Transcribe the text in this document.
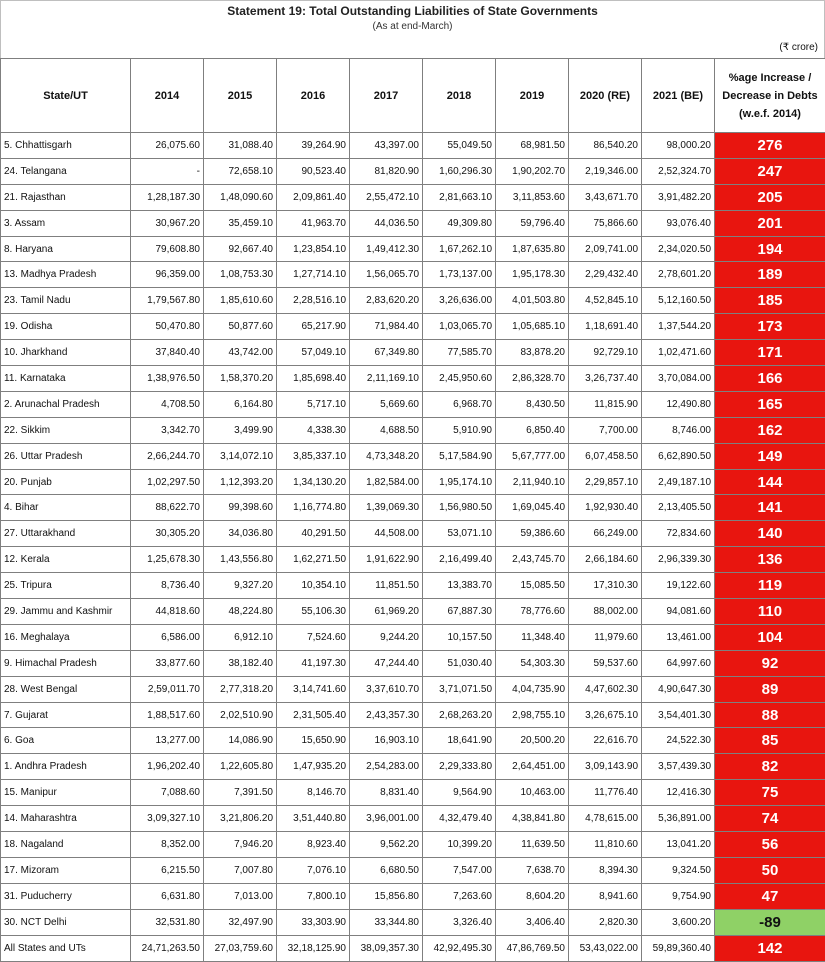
Statement 19: Total Outstanding Liabilities of State Governments
(As at end-March)
(₹ crore)
State/UT	2014	2015	2016	2017	2018	2019	2020 (RE)	2021 (BE)	%age Increase /
Decrease in Debts
(w.e.f. 2014)

5. Chhattisgarh	26,075.60	31,088.40	39,264.90	43,397.00	55,049.50	68,981.50	86,540.20	98,000.20	276
24. Telangana	-	72,658.10	90,523.40	81,820.90	1,60,296.30	1,90,202.70	2,19,346.00	2,52,324.70	247
21. Rajasthan	1,28,187.30	1,48,090.60	2,09,861.40	2,55,472.10	2,81,663.10	3,11,853.60	3,43,671.70	3,91,482.20	205
3. Assam	30,967.20	35,459.10	41,963.70	44,036.50	49,309.80	59,796.40	75,866.60	93,076.40	201
8. Haryana	79,608.80	92,667.40	1,23,854.10	1,49,412.30	1,67,262.10	1,87,635.80	2,09,741.00	2,34,020.50	194
13. Madhya Pradesh	96,359.00	1,08,753.30	1,27,714.10	1,56,065.70	1,73,137.00	1,95,178.30	2,29,432.40	2,78,601.20	189
23. Tamil Nadu	1,79,567.80	1,85,610.60	2,28,516.10	2,83,620.20	3,26,636.00	4,01,503.80	4,52,845.10	5,12,160.50	185
19. Odisha	50,470.80	50,877.60	65,217.90	71,984.40	1,03,065.70	1,05,685.10	1,18,691.40	1,37,544.20	173
10. Jharkhand	37,840.40	43,742.00	57,049.10	67,349.80	77,585.70	83,878.20	92,729.10	1,02,471.60	171
11. Karnataka	1,38,976.50	1,58,370.20	1,85,698.40	2,11,169.10	2,45,950.60	2,86,328.70	3,26,737.40	3,70,084.00	166
2. Arunachal Pradesh	4,708.50	6,164.80	5,717.10	5,669.60	6,968.70	8,430.50	11,815.90	12,490.80	165
22. Sikkim	3,342.70	3,499.90	4,338.30	4,688.50	5,910.90	6,850.40	7,700.00	8,746.00	162
26. Uttar Pradesh	2,66,244.70	3,14,072.10	3,85,337.10	4,73,348.20	5,17,584.90	5,67,777.00	6,07,458.50	6,62,890.50	149
20. Punjab	1,02,297.50	1,12,393.20	1,34,130.20	1,82,584.00	1,95,174.10	2,11,940.10	2,29,857.10	2,49,187.10	144
4. Bihar	88,622.70	99,398.60	1,16,774.80	1,39,069.30	1,56,980.50	1,69,045.40	1,92,930.40	2,13,405.50	141
27. Uttarakhand	30,305.20	34,036.80	40,291.50	44,508.00	53,071.10	59,386.60	66,249.00	72,834.60	140
12. Kerala	1,25,678.30	1,43,556.80	1,62,271.50	1,91,622.90	2,16,499.40	2,43,745.70	2,66,184.60	2,96,339.30	136
25. Tripura	8,736.40	9,327.20	10,354.10	11,851.50	13,383.70	15,085.50	17,310.30	19,122.60	119
29. Jammu and Kashmir	44,818.60	48,224.80	55,106.30	61,969.20	67,887.30	78,776.60	88,002.00	94,081.60	110
16. Meghalaya	6,586.00	6,912.10	7,524.60	9,244.20	10,157.50	11,348.40	11,979.60	13,461.00	104
9. Himachal Pradesh	33,877.60	38,182.40	41,197.30	47,244.40	51,030.40	54,303.30	59,537.60	64,997.60	92
28. West Bengal	2,59,011.70	2,77,318.20	3,14,741.60	3,37,610.70	3,71,071.50	4,04,735.90	4,47,602.30	4,90,647.30	89
7. Gujarat	1,88,517.60	2,02,510.90	2,31,505.40	2,43,357.30	2,68,263.20	2,98,755.10	3,26,675.10	3,54,401.30	88
6. Goa	13,277.00	14,086.90	15,650.90	16,903.10	18,641.90	20,500.20	22,616.70	24,522.30	85
1. Andhra Pradesh	1,96,202.40	1,22,605.80	1,47,935.20	2,54,283.00	2,29,333.80	2,64,451.00	3,09,143.90	3,57,439.30	82
15. Manipur	7,088.60	7,391.50	8,146.70	8,831.40	9,564.90	10,463.00	11,776.40	12,416.30	75
14. Maharashtra	3,09,327.10	3,21,806.20	3,51,440.80	3,96,001.00	4,32,479.40	4,38,841.80	4,78,615.00	5,36,891.00	74
18. Nagaland	8,352.00	7,946.20	8,923.40	9,562.20	10,399.20	11,639.50	11,810.60	13,041.20	56
17. Mizoram	6,215.50	7,007.80	7,076.10	6,680.50	7,547.00	7,638.70	8,394.30	9,324.50	50
31. Puducherry	6,631.80	7,013.00	7,800.10	15,856.80	7,263.60	8,604.20	8,941.60	9,754.90	47
30. NCT Delhi	32,531.80	32,497.90	33,303.90	33,344.80	3,326.40	3,406.40	2,820.30	3,600.20	-89
All States and UTs	24,71,263.50	27,03,759.60	32,18,125.90	38,09,357.30	42,92,495.30	47,86,769.50	53,43,022.00	59,89,360.40	142
